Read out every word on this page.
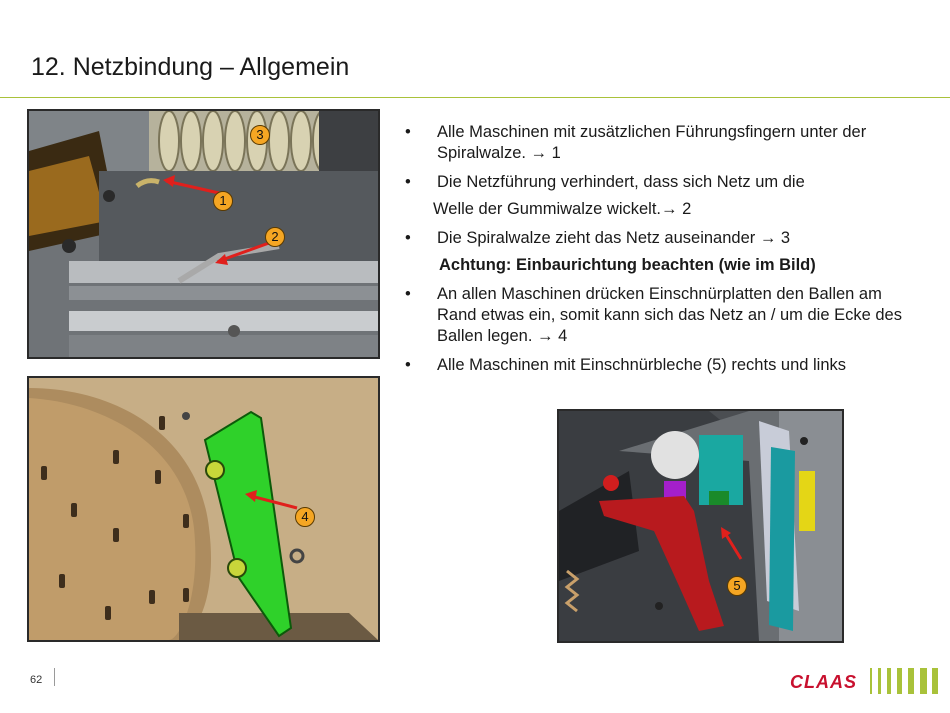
12. Netzbindung – Allgemein
3
1
2
4
5
• Alle Maschinen mit zusätzlichen Führungsfingern unter der Spiralwalze. → 1
• Die Netzführung verhindert, dass sich Netz um die
Welle der Gummiwalze wickelt.→ 2
• Die Spiralwalze zieht das Netz auseinander → 3
Achtung: Einbaurichtung beachten (wie im Bild)
• An allen Maschinen drücken Einschnürplatten den Ballen am Rand etwas ein, somit kann sich das Netz an / um die Ecke des Ballen legen. → 4
• Alle Maschinen mit Einschnürbleche (5) rechts und links
62	CLAAS
